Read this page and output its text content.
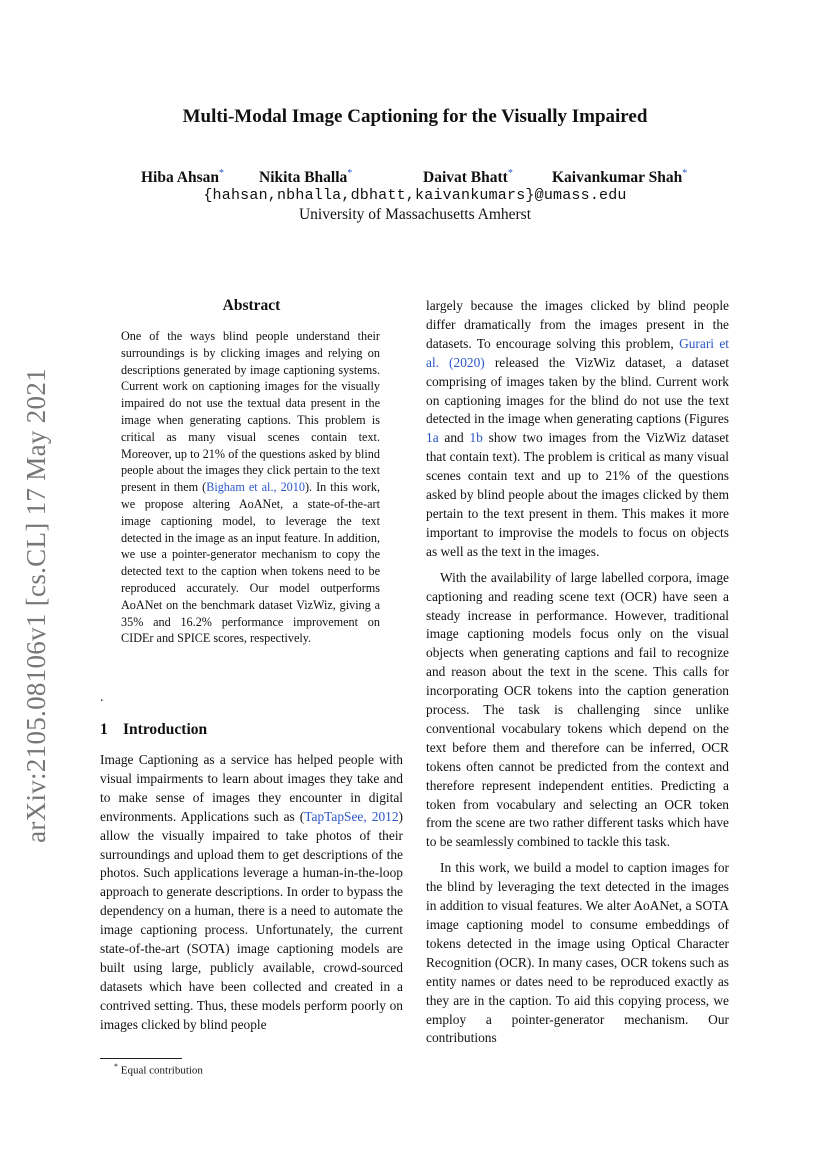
arXiv:2105.08106v1 [cs.CL] 17 May 2021
Multi-Modal Image Captioning for the Visually Impaired
Hiba Ahsan* Nikita Bhalla*	Daivat Bhatt*	Kaivankumar Shah*
{hahsan,nbhalla,dbhatt,kaivankumars}@umass.edu
University of Massachusetts Amherst
Abstract
One of the ways blind people understand their surroundings is by clicking images and relying on descriptions generated by image captioning systems. Current work on captioning images for the visually impaired do not use the textual data present in the image when generating captions. This problem is critical as many visual scenes contain text. Moreover, up to 21% of the questions asked by blind people about the images they click pertain to the text present in them (Bigham et al., 2010). In this work, we propose altering AoANet, a state-of-the-art image captioning model, to leverage the text detected in the image as an input feature. In addition, we use a pointer-generator mechanism to copy the detected text to the caption when tokens need to be reproduced accurately. Our model outperforms AoANet on the benchmark dataset VizWiz, giving a 35% and 16.2% performance improvement on CIDEr and SPICE scores, respectively.
.
1 Introduction

Image Captioning as a service has helped people with visual impairments to learn about images they take and to make sense of images they encounter in digital environments. Applications such as (TapTapSee, 2012) allow the visually impaired to take photos of their surroundings and upload them to get descriptions of the photos. Such applications leverage a human-in-the-loop approach to generate descriptions. In order to bypass the dependency on a human, there is a need to automate the image captioning process. Unfortunately, the current state-of-the-art (SOTA) image captioning models are built using large, publicly available, crowd-sourced datasets which have been collected and created in a contrived setting. Thus, these models perform poorly on images clicked by blind people

largely because the images clicked by blind people differ dramatically from the images present in the datasets. To encourage solving this problem, Gurari et al. (2020) released the VizWiz dataset, a dataset comprising of images taken by the blind. Current work on captioning images for the blind do not use the text detected in the image when generating captions (Figures 1a and 1b show two images from the VizWiz dataset that contain text). The problem is critical as many visual scenes contain text and up to 21% of the questions asked by blind people about the images clicked by them pertain to the text present in them. This makes it more important to improvise the models to focus on objects as well as the text in the images.

With the availability of large labelled corpora, image captioning and reading scene text (OCR) have seen a steady increase in performance. However, traditional image captioning models focus only on the visual objects when generating captions and fail to recognize and reason about the text in the scene. This calls for incorporating OCR tokens into the caption generation process. The task is challenging since unlike conventional vocabulary tokens which depend on the text before them and therefore can be inferred, OCR tokens often cannot be predicted from the context and therefore represent independent entities. Predicting a token from vocabulary and selecting an OCR token from the scene are two rather different tasks which have to be seamlessly combined to tackle this task.

In this work, we build a model to caption images for the blind by leveraging the text detected in the images in addition to visual features. We alter AoANet, a SOTA image captioning model to consume embeddings of tokens detected in the image using Optical Character Recognition (OCR). In many cases, OCR tokens such as entity names or dates need to be reproduced exactly as they are in the caption. To aid this copying process, we employ a pointer-generator mechanism. Our contributions

* Equal contribution
